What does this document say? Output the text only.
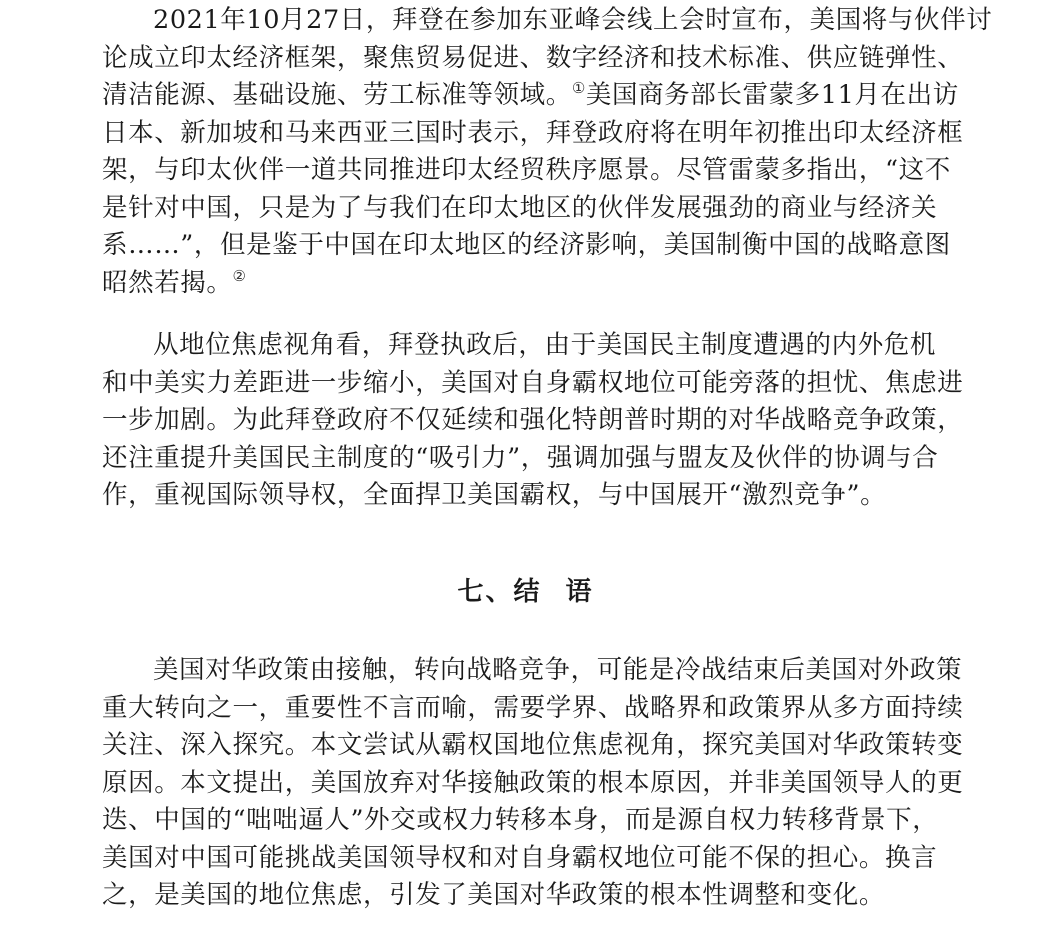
2021年10月27日，拜登在参加东亚峰会线上会时宣布，美国将与伙伴讨
论成立印太经济框架，聚焦贸易促进、数字经济和技术标准、供应链弹性、
清洁能源、基础设施、劳工标准等领域。①美国商务部长雷蒙多11月在出访
日本、新加坡和马来西亚三国时表示，拜登政府将在明年初推出印太经济框
架，与印太伙伴一道共同推进印太经贸秩序愿景。尽管雷蒙多指出，“这不
是针对中国，只是为了与我们在印太地区的伙伴发展强劲的商业与经济关
系……”，但是鉴于中国在印太地区的经济影响，美国制衡中国的战略意图
昭然若揭。②
从地位焦虑视角看，拜登执政后，由于美国民主制度遭遇的内外危机
和中美实力差距进一步缩小，美国对自身霸权地位可能旁落的担忧、焦虑进
一步加剧。为此拜登政府不仅延续和强化特朗普时期的对华战略竞争政策，
还注重提升美国民主制度的“吸引力”，强调加强与盟友及伙伴的协调与合
作，重视国际领导权，全面捍卫美国霸权，与中国展开“激烈竞争”。
七、结 语
美国对华政策由接触，转向战略竞争，可能是冷战结束后美国对外政策
重大转向之一，重要性不言而喻，需要学界、战略界和政策界从多方面持续
关注、深入探究。本文尝试从霸权国地位焦虑视角，探究美国对华政策转变
原因。本文提出，美国放弃对华接触政策的根本原因，并非美国领导人的更
迭、中国的“咄咄逼人”外交或权力转移本身，而是源自权力转移背景下，
美国对中国可能挑战美国领导权和对自身霸权地位可能不保的担心。换言
之，是美国的地位焦虑，引发了美国对华政策的根本性调整和变化。
